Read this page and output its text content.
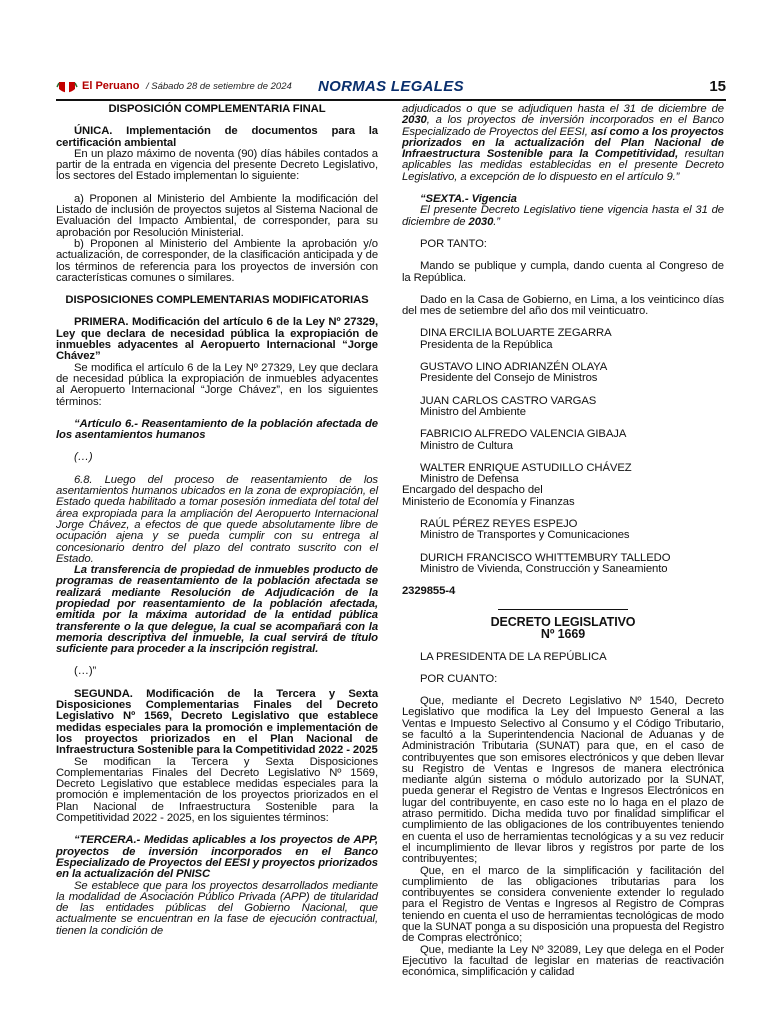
El Peruano / Sábado 28 de setiembre de 2024 NORMAS LEGALES	15

DISPOSICIÓN COMPLEMENTARIA FINAL

ÚNICA. Implementación de documentos para la certificación ambiental

En un plazo máximo de noventa (90) días hábiles contados a partir de la entrada en vigencia del presente Decreto Legislativo, los sectores del Estado implementan lo siguiente:

a) Proponen al Ministerio del Ambiente la modificación del Listado de inclusión de proyectos sujetos al Sistema Nacional de Evaluación del Impacto Ambiental, de corresponder, para su aprobación por Resolución Ministerial.

b) Proponen al Ministerio del Ambiente la aprobación y/o actualización, de corresponder, de la clasificación anticipada y de los términos de referencia para los proyectos de inversión con características comunes o similares.

DISPOSICIONES COMPLEMENTARIAS MODIFICATORIAS

PRIMERA. Modificación del artículo 6 de la Ley Nº 27329, Ley que declara de necesidad pública la expropiación de inmuebles adyacentes al Aeropuerto Internacional “Jorge Chávez”

Se modifica el artículo 6 de la Ley Nº 27329, Ley que declara de necesidad pública la expropiación de inmuebles adyacentes al Aeropuerto Internacional “Jorge Chávez”, en los siguientes términos:

“Artículo 6.- Reasentamiento de la población afectada de los asentamientos humanos

(…)

6.8. Luego del proceso de reasentamiento de los asentamientos humanos ubicados en la zona de expropiación, el Estado queda habilitado a tomar posesión inmediata del total del área expropiada para la ampliación del Aeropuerto Internacional Jorge Chávez, a efectos de que quede absolutamente libre de ocupación ajena y se pueda cumplir con su entrega al concesionario dentro del plazo del contrato suscrito con el Estado.

La transferencia de propiedad de inmuebles producto de programas de reasentamiento de la población afectada se realizará mediante Resolución de Adjudicación de la propiedad por reasentamiento de la población afectada, emitida por la máxima autoridad de la entidad pública transferente o la que delegue, la cual se acompañará con la memoria descriptiva del inmueble, la cual servirá de título suficiente para proceder a la inscripción registral.

(…)”

SEGUNDA. Modificación de la Tercera y Sexta Disposiciones Complementarias Finales del Decreto Legislativo Nº 1569, Decreto Legislativo que establece medidas especiales para la promoción e implementación de los proyectos priorizados en el Plan Nacional de Infraestructura Sostenible para la Competitividad 2022 - 2025

Se modifican la Tercera y Sexta Disposiciones Complementarias Finales del Decreto Legislativo Nº 1569, Decreto Legislativo que establece medidas especiales para la promoción e implementación de los proyectos priorizados en el Plan Nacional de Infraestructura Sostenible para la Competitividad 2022 - 2025, en los siguientes términos:

“TERCERA.- Medidas aplicables a los proyectos de APP, proyectos de inversión incorporados en el Banco Especializado de Proyectos del EESI y proyectos priorizados en la actualización del PNISC

Se establece que para los proyectos desarrollados mediante la modalidad de Asociación Público Privada (APP) de titularidad de las entidades públicas del Gobierno Nacional, que actualmente se encuentran en la fase de ejecución contractual, tienen la condición de

adjudicados o que se adjudiquen hasta el 31 de diciembre de 2030, a los proyectos de inversión incorporados en el Banco Especializado de Proyectos del EESI, así como a los proyectos priorizados en la actualización del Plan Nacional de Infraestructura Sostenible para la Competitividad, resultan aplicables las medidas establecidas en el presente Decreto Legislativo, a excepción de lo dispuesto en el artículo 9.”

“SEXTA.- Vigencia

El presente Decreto Legislativo tiene vigencia hasta el 31 de diciembre de 2030.”

POR TANTO:

Mando se publique y cumpla, dando cuenta al Congreso de la República.

Dado en la Casa de Gobierno, en Lima, a los veinticinco días del mes de setiembre del año dos mil veinticuatro.

DINA ERCILIA BOLUARTE ZEGARRA

Presidenta de la República

GUSTAVO LINO ADRIANZÉN OLAYA

Presidente del Consejo de Ministros

JUAN CARLOS CASTRO VARGAS

Ministro del Ambiente

FABRICIO ALFREDO VALENCIA GIBAJA

Ministro de Cultura

WALTER ENRIQUE ASTUDILLO CHÁVEZ

Ministro de Defensa
Encargado del despacho del
Ministerio de Economía y Finanzas

RAÚL PÉREZ REYES ESPEJO

Ministro de Transportes y Comunicaciones

DURICH FRANCISCO WHITTEMBURY TALLEDO

Ministro de Vivienda, Construcción y Saneamiento

2329855-4

DECRETO LEGISLATIVO

Nº 1669

LA PRESIDENTA DE LA REPÚBLICA

POR CUANTO:

Que, mediante el Decreto Legislativo Nº 1540, Decreto Legislativo que modifica la Ley del Impuesto General a las Ventas e Impuesto Selectivo al Consumo y el Código Tributario, se facultó a la Superintendencia Nacional de Aduanas y de Administración Tributaria (SUNAT) para que, en el caso de contribuyentes que son emisores electrónicos y que deben llevar su Registro de Ventas e Ingresos de manera electrónica mediante algún sistema o módulo autorizado por la SUNAT, pueda generar el Registro de Ventas e Ingresos Electrónicos en lugar del contribuyente, en caso este no lo haga en el plazo de atraso permitido. Dicha medida tuvo por finalidad simplificar el cumplimiento de las obligaciones de los contribuyentes teniendo en cuenta el uso de herramientas tecnológicas y a su vez reducir el incumplimiento de llevar libros y registros por parte de los contribuyentes;

Que, en el marco de la simplificación y facilitación del cumplimiento de las obligaciones tributarias para los contribuyentes se considera conveniente extender lo regulado para el Registro de Ventas e Ingresos al Registro de Compras teniendo en cuenta el uso de herramientas tecnológicas de modo que la SUNAT ponga a su disposición una propuesta del Registro de Compras electrónico;

Que, mediante la Ley Nº 32089, Ley que delega en el Poder Ejecutivo la facultad de legislar en materias de reactivación económica, simplificación y calidad
